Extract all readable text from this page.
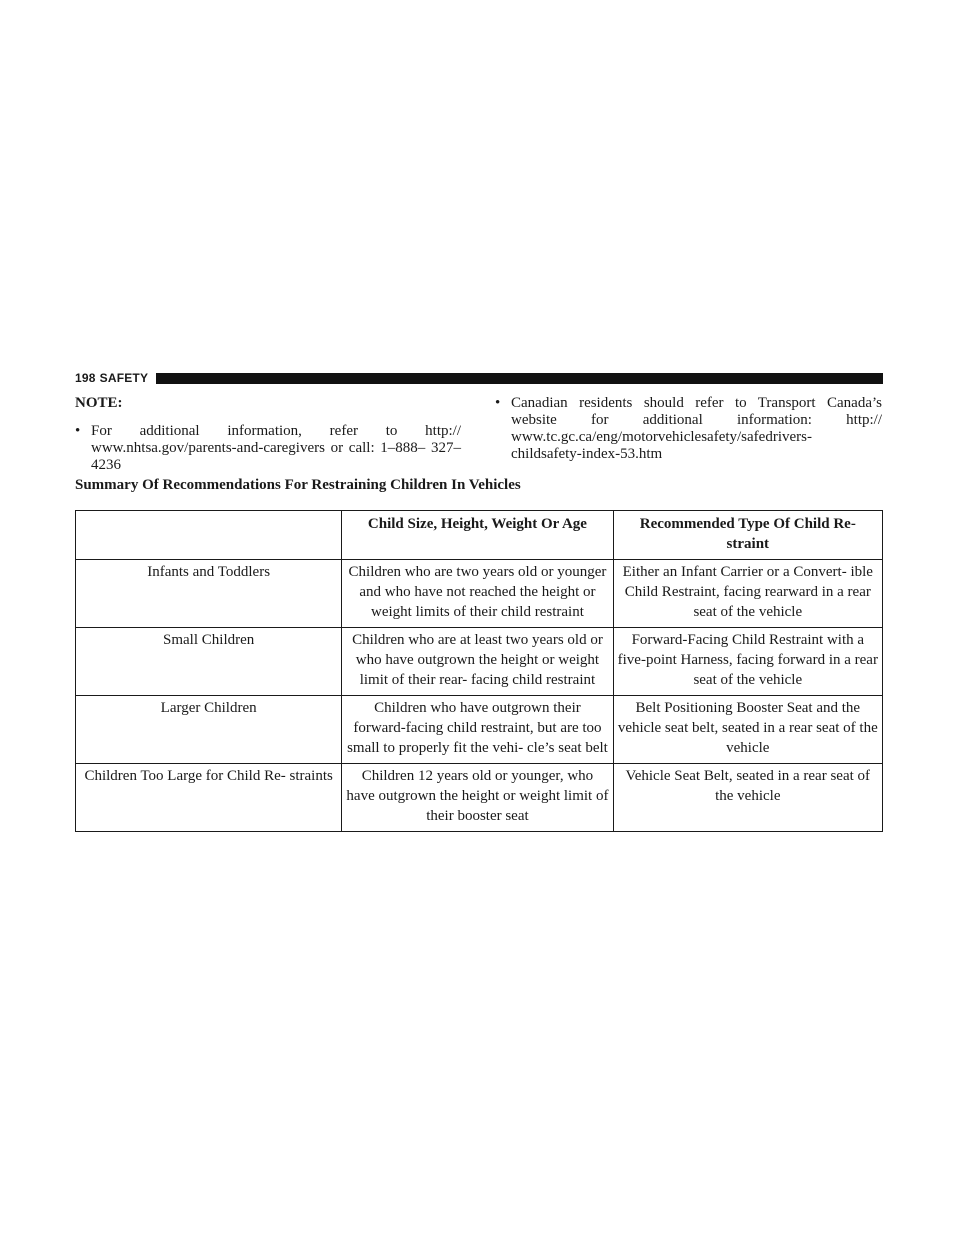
198 SAFETY

NOTE:

• For additional information, refer to http:// www.nhtsa.gov/parents-and-caregivers or call: 1–888– 327–4236
• Canadian residents should refer to Transport Canada’s website for additional information: http:// www.tc.gc.ca/eng/motorvehiclesafety/safedrivers- childsafety-index-53.htm

Summary Of Recommendations For Restraining Children In Vehicles

	Child Size, Height, Weight Or Age	Recommended Type Of Child Re- straint
Infants and Toddlers	Children who are two years old or younger and who have not reached the height or weight limits of their child restraint	Either an Infant Carrier or a Convert- ible Child Restraint, facing rearward in a rear seat of the vehicle
Small Children	Children who are at least two years old or who have outgrown the height or weight limit of their rear- facing child restraint	Forward-Facing Child Restraint with a five-point Harness, facing forward in a rear seat of the vehicle
Larger Children	Children who have outgrown their forward-facing child restraint, but are too small to properly fit the vehi- cle’s seat belt	Belt Positioning Booster Seat and the vehicle seat belt, seated in a rear seat of the vehicle
Children Too Large for Child Re- straints	Children 12 years old or younger, who have outgrown the height or weight limit of their booster seat	Vehicle Seat Belt, seated in a rear seat of the vehicle
